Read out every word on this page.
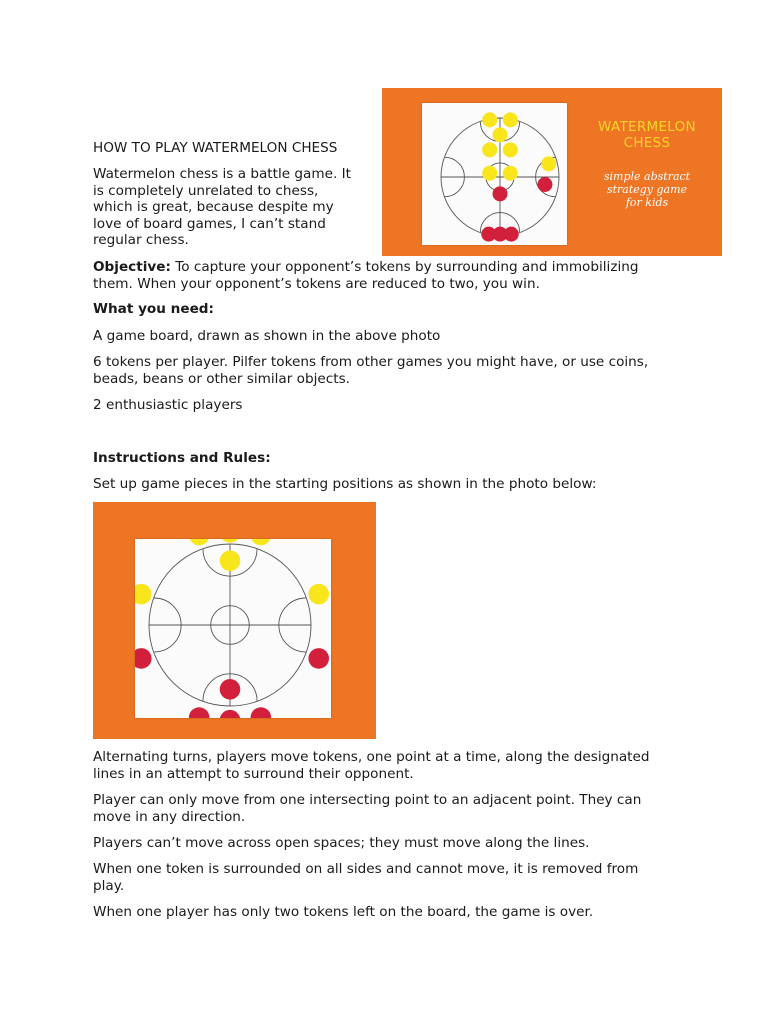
HOW TO PLAY WATERMELON CHESS

Watermelon chess is a battle game. It
is completely unrelated to chess,
which is great, because despite my
love of board games, I can’t stand
regular chess.
WATERMELON
CHESS
simple abstract
strategy game
for kids
Objective: To capture your opponent’s tokens by surrounding and immobilizing
them. When your opponent’s tokens are reduced to two, you win.

What you need:

A game board, drawn as shown in the above photo

6 tokens per player. Pilfer tokens from other games you might have, or use coins,
beads, beans or other similar objects.

2 enthusiastic players

Instructions and Rules:

Set up game pieces in the starting positions as shown in the photo below:

Alternating turns, players move tokens, one point at a time, along the designated
lines in an attempt to surround their opponent.
Player can only move from one intersecting point to an adjacent point. They can
move in any direction.

Players can’t move across open spaces; they must move along the lines.

When one token is surrounded on all sides and cannot move, it is removed from
play.

When one player has only two tokens left on the board, the game is over.
